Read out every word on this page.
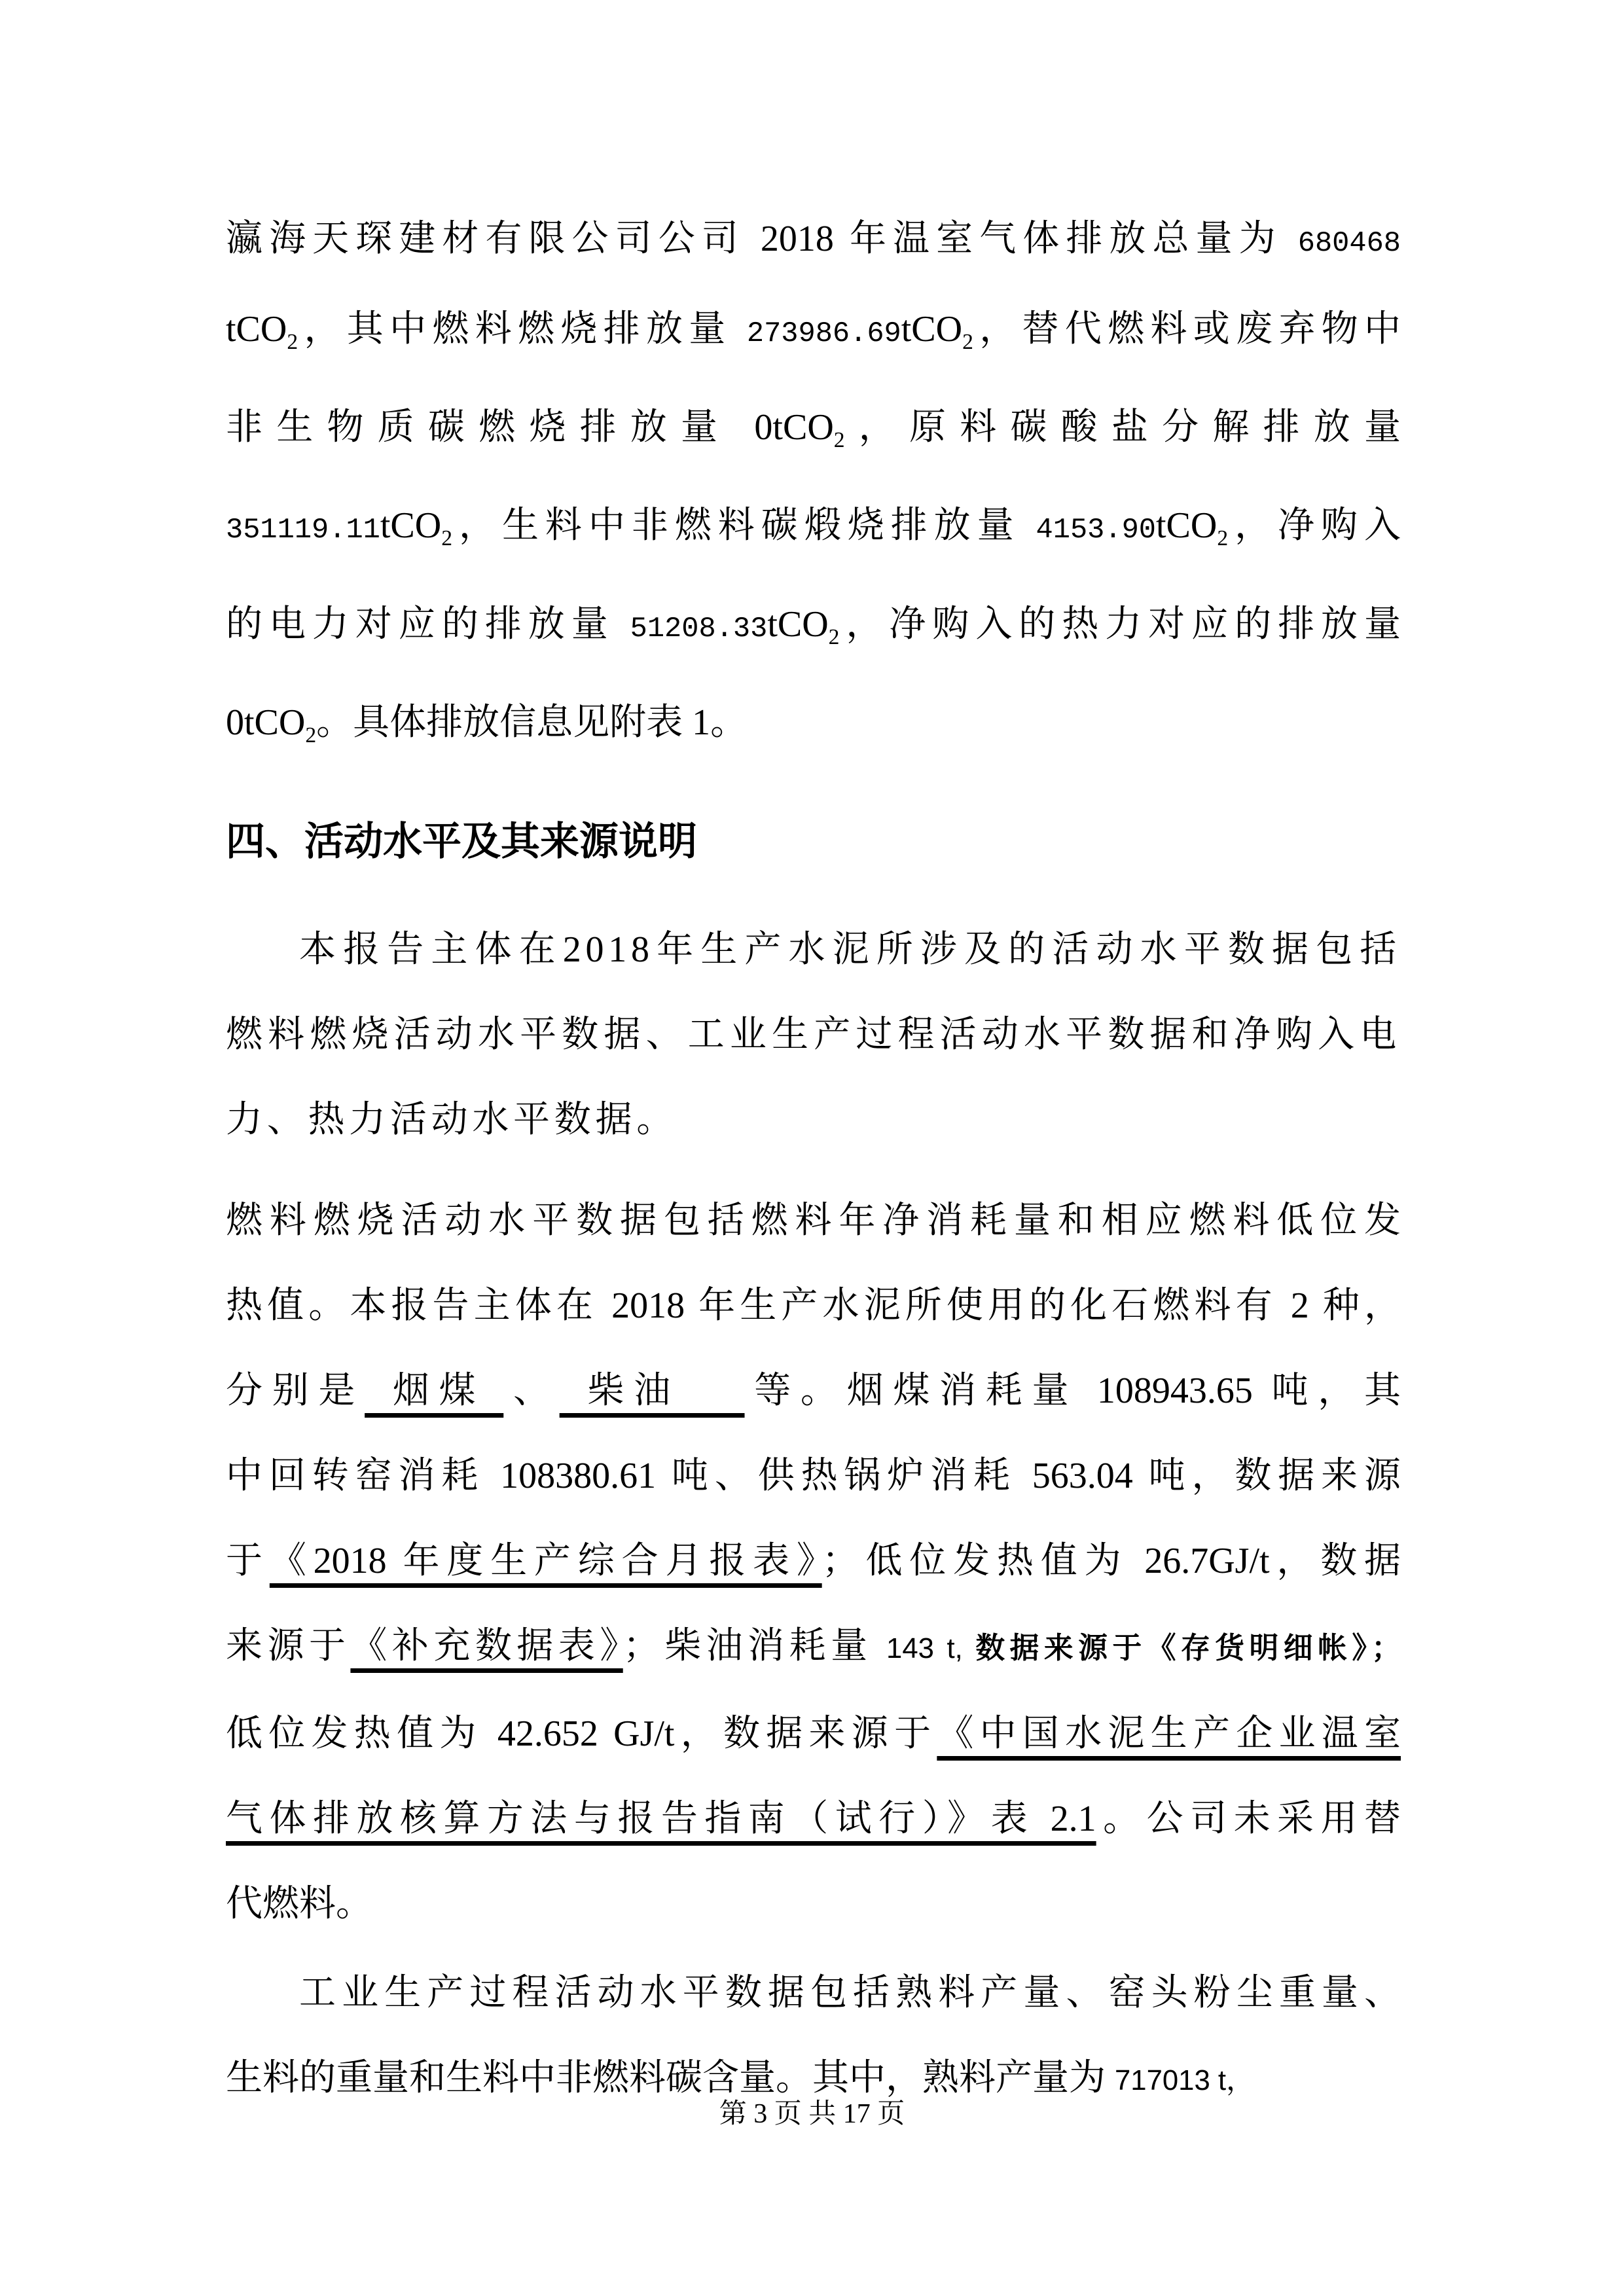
瀛海天琛建材有限公司公司 2018 年温室气体排放总量为 680468
tCO$_2$，其中燃料燃烧排放量 273986.69tCO$_2$，替代燃料或废弃物中
非生物质碳燃烧排放量 0tCO$_2$，原料碳酸盐分解排放量
351119.11tCO$_2$，生料中非燃料碳煅烧排放量 4153.90tCO$_2$，净购入
的电力对应的排放量 51208.33tCO$_2$，净购入的热力对应的排放量
0tCO$_2$。具体排放信息见附表 1。
四、活动水平及其来源说明
本报告主体在2018年生产水泥所涉及的活动水平数据包括
燃料燃烧活动水平数据、工业生产过程活动水平数据和净购入电
力、热力活动水平数据。
燃料燃烧活动水平数据包括燃料年净消耗量和相应燃料低位发
热值。本报告主体在 2018 年生产水泥所使用的化石燃料有 2 种，
分别是 烟煤 、 柴油　 等。烟煤消耗量 108943.65 吨，其
中回转窑消耗 108380.61 吨、供热锅炉消耗 563.04 吨，数据来源
于《2018 年度生产综合月报表》；低位发热值为 26.7GJ/t，数据
来源于《补充数据表》；柴油消耗量 143 t, 数据来源于《存货明细帐》；
低位发热值为 42.652 GJ/t，数据来源于《中国水泥生产企业温室
气体排放核算方法与报告指南（试行）》表 2.1。公司未采用替
代燃料。
工业生产过程活动水平数据包括熟料产量、窑头粉尘重量、
生料的重量和生料中非燃料碳含量。其中，熟料产量为 717013 t，
第 3 页 共 17 页
